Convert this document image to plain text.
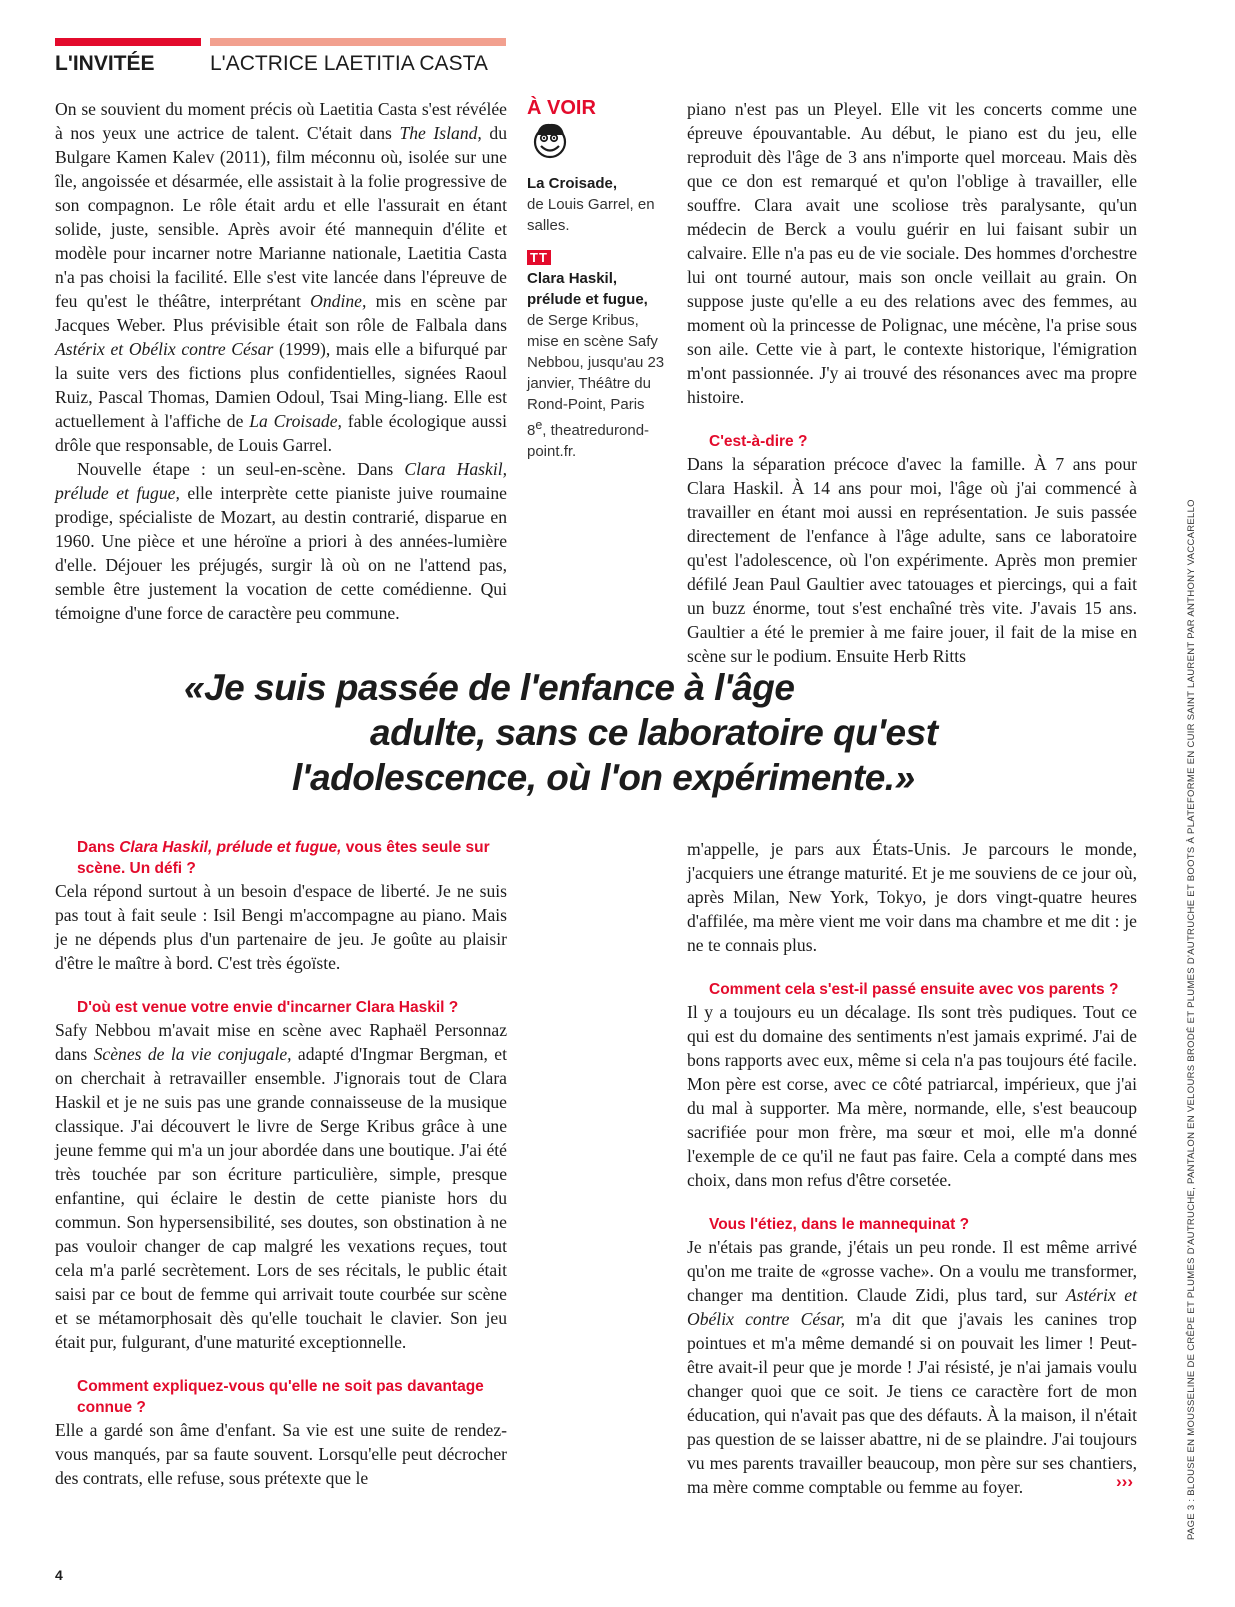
L'INVITÉE	L'ACTRICE LAETITIA CASTA

On se souvient du moment précis où Laetitia Casta s'est révélée à nos yeux une actrice de talent. C'était dans The Island, du Bulgare Kamen Kalev (2011), film méconnu où, isolée sur une île, angoissée et désarmée, elle assistait à la folie progressive de son compagnon. Le rôle était ardu et elle l'assurait en étant solide, juste, sensible. Après avoir été mannequin d'élite et modèle pour incarner notre Marianne nationale, Laetitia Casta n'a pas choisi la facilité. Elle s'est vite lancée dans l'épreuve de feu qu'est le théâtre, interprétant Ondine, mis en scène par Jacques Weber. Plus prévisible était son rôle de Falbala dans Astérix et Obélix contre César (1999), mais elle a bifurqué par la suite vers des fictions plus confidentielles, signées Raoul Ruiz, Pascal Thomas, Damien Odoul, Tsai Ming-liang. Elle est actuellement à l'affiche de La Croisade, fable écologique aussi drôle que responsable, de Louis Garrel.

Nouvelle étape : un seul-en-scène. Dans Clara Haskil, prélude et fugue, elle interprète cette pianiste juive roumaine prodige, spécialiste de Mozart, au destin contrarié, disparue en 1960. Une pièce et une héroïne a priori à des années-lumière d'elle. Déjouer les préjugés, surgir là où on ne l'attend pas, semble être justement la vocation de cette comédienne. Qui témoigne d'une force de caractère peu commune.

À VOIR
La Croisade,
de Louis Garrel, en salles.
TT
Clara Haskil, prélude et fugue,
de Serge Kribus, mise en scène Safy Nebbou, jusqu'au 23 janvier, Théâtre du Rond-Point, Paris 8e, theatredurond-point.fr.

piano n'est pas un Pleyel. Elle vit les concerts comme une épreuve épouvantable. Au début, le piano est du jeu, elle reproduit dès l'âge de 3 ans n'importe quel morceau. Mais dès que ce don est remarqué et qu'on l'oblige à travailler, elle souffre. Clara avait une scoliose très paralysante, qu'un médecin de Berck a voulu guérir en lui faisant subir un calvaire. Elle n'a pas eu de vie sociale. Des hommes d'orchestre lui ont tourné autour, mais son oncle veillait au grain. On suppose juste qu'elle a eu des relations avec des femmes, au moment où la princesse de Polignac, une mécène, l'a prise sous son aile. Cette vie à part, le contexte historique, l'émigration m'ont passionnée. J'y ai trouvé des résonances avec ma propre histoire.

C'est-à-dire ?

Dans la séparation précoce d'avec la famille. À 7 ans pour Clara Haskil. À 14 ans pour moi, l'âge où j'ai commencé à travailler en étant moi aussi en représentation. Je suis passée directement de l'enfance à l'âge adulte, sans ce laboratoire qu'est l'adolescence, où l'on expérimente. Après mon premier défilé Jean Paul Gaultier avec tatouages et piercings, qui a fait un buzz énorme, tout s'est enchaîné très vite. J'avais 15 ans. Gaultier a été le premier à me faire jouer, il fait de la mise en scène sur le podium. Ensuite Herb Ritts

«Je suis passée de l'enfance à l'âge
adulte, sans ce laboratoire qu'est
l'adolescence, où l'on expérimente.»

Dans Clara Haskil, prélude et fugue, vous êtes seule sur scène. Un défi ?

Cela répond surtout à un besoin d'espace de liberté. Je ne suis pas tout à fait seule : Isil Bengi m'accompagne au piano. Mais je ne dépends plus d'un partenaire de jeu. Je goûte au plaisir d'être le maître à bord. C'est très égoïste.

D'où est venue votre envie d'incarner Clara Haskil ?

Safy Nebbou m'avait mise en scène avec Raphaël Personnaz dans Scènes de la vie conjugale, adapté d'Ingmar Bergman, et on cherchait à retravailler ensemble. J'ignorais tout de Clara Haskil et je ne suis pas une grande connaisseuse de la musique classique. J'ai découvert le livre de Serge Kribus grâce à une jeune femme qui m'a un jour abordée dans une boutique. J'ai été très touchée par son écriture particulière, simple, presque enfantine, qui éclaire le destin de cette pianiste hors du commun. Son hypersensibilité, ses doutes, son obstination à ne pas vouloir changer de cap malgré les vexations reçues, tout cela m'a parlé secrètement. Lors de ses récitals, le public était saisi par ce bout de femme qui arrivait toute courbée sur scène et se métamorphosait dès qu'elle touchait le clavier. Son jeu était pur, fulgurant, d'une maturité exceptionnelle.

Comment expliquez-vous qu'elle ne soit pas davantage connue ?

Elle a gardé son âme d'enfant. Sa vie est une suite de rendez-vous manqués, par sa faute souvent. Lorsqu'elle peut décrocher des contrats, elle refuse, sous prétexte que le

m'appelle, je pars aux États-Unis. Je parcours le monde, j'acquiers une étrange maturité. Et je me souviens de ce jour où, après Milan, New York, Tokyo, je dors vingt-quatre heures d'affilée, ma mère vient me voir dans ma chambre et me dit : je ne te connais plus.

Comment cela s'est-il passé ensuite avec vos parents ?

Il y a toujours eu un décalage. Ils sont très pudiques. Tout ce qui est du domaine des sentiments n'est jamais exprimé. J'ai de bons rapports avec eux, même si cela n'a pas toujours été facile. Mon père est corse, avec ce côté patriarcal, impérieux, que j'ai du mal à supporter. Ma mère, normande, elle, s'est beaucoup sacrifiée pour mon frère, ma sœur et moi, elle m'a donné l'exemple de ce qu'il ne faut pas faire. Cela a compté dans mes choix, dans mon refus d'être corsetée.

Vous l'étiez, dans le mannequinat ?

Je n'étais pas grande, j'étais un peu ronde. Il est même arrivé qu'on me traite de «grosse vache». On a voulu me transformer, changer ma dentition. Claude Zidi, plus tard, sur Astérix et Obélix contre César, m'a dit que j'avais les canines trop pointues et m'a même demandé si on pouvait les limer ! Peut-être avait-il peur que je morde ! J'ai résisté, je n'ai jamais voulu changer quoi que ce soit. Je tiens ce caractère fort de mon éducation, qui n'avait pas que des défauts. À la maison, il n'était pas question de se laisser abattre, ni de se plaindre. J'ai toujours vu mes parents travailler beaucoup, mon père sur ses chantiers, ma mère comme comptable ou femme au foyer.	›››	PAGE 3 : BLOUSE EN MOUSSELINE DE CRÊPE ET PLUMES D'AUTRUCHE, PANTALON EN VELOURS BRODÉ ET PLUMES D'AUTRUCHE ET BOOTS À PLATEFORME EN CUIR SAINT LAURENT PAR ANTHONY VACCARELLO
4
